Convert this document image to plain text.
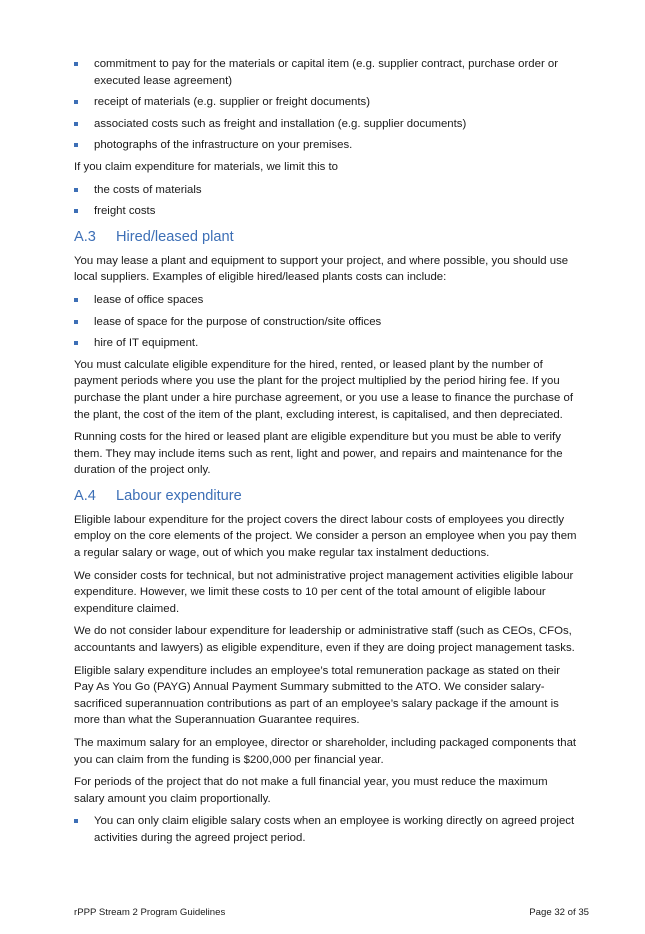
commitment to pay for the materials or capital item (e.g. supplier contract, purchase order or executed lease agreement)
receipt of materials (e.g. supplier or freight documents)
associated costs such as freight and installation (e.g. supplier documents)
photographs of the infrastructure on your premises.

If you claim expenditure for materials, we limit this to

the costs of materials
freight costs
A.3 Hired/leased plant

You may lease a plant and equipment to support your project, and where possible, you should use local suppliers. Examples of eligible hired/leased plants costs can include:

lease of office spaces
lease of space for the purpose of construction/site offices
hire of IT equipment.

You must calculate eligible expenditure for the hired, rented, or leased plant by the number of payment periods where you use the plant for the project multiplied by the period hiring fee. If you purchase the plant under a hire purchase agreement, or you use a lease to finance the purchase of the plant, the cost of the item of the plant, excluding interest, is capitalised, and then depreciated.

Running costs for the hired or leased plant are eligible expenditure but you must be able to verify them. They may include items such as rent, light and power, and repairs and maintenance for the duration of the project only.

A.4 Labour expenditure

Eligible labour expenditure for the project covers the direct labour costs of employees you directly employ on the core elements of the project. We consider a person an employee when you pay them a regular salary or wage, out of which you make regular tax instalment deductions.

We consider costs for technical, but not administrative project management activities eligible labour expenditure. However, we limit these costs to 10 per cent of the total amount of eligible labour expenditure claimed.

We do not consider labour expenditure for leadership or administrative staff (such as CEOs, CFOs, accountants and lawyers) as eligible expenditure, even if they are doing project management tasks.

Eligible salary expenditure includes an employee’s total remuneration package as stated on their Pay As You Go (PAYG) Annual Payment Summary submitted to the ATO. We consider salary-sacrificed superannuation contributions as part of an employee’s salary package if the amount is more than what the Superannuation Guarantee requires.

The maximum salary for an employee, director or shareholder, including packaged components that you can claim from the funding is $200,000 per financial year.

For periods of the project that do not make a full financial year, you must reduce the maximum salary amount you claim proportionally.

You can only claim eligible salary costs when an employee is working directly on agreed project activities during the agreed project period.
rPPP Stream 2 Program Guidelines	Page 32 of 35
